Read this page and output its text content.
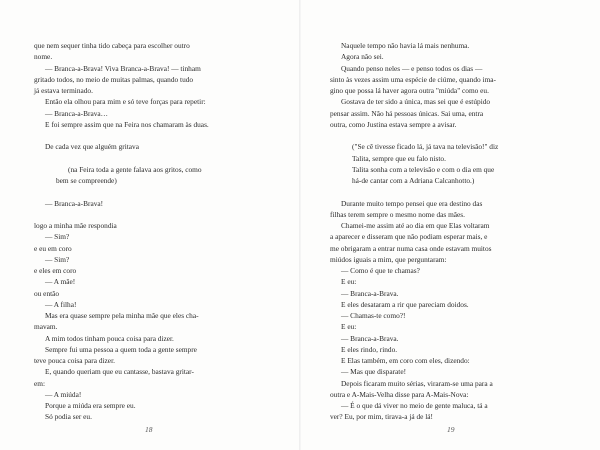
que nem sequer tinha tido cabeça para escolher outro

nome.

— Branca-a-Brava! Viva Branca-a-Brava! — tinham

gritado todos, no meio de muitas palmas, quando tudo

já estava terminado.

Então ela olhou para mim e só teve forças para repetir:

— Branca-a-Brava…

E foi sempre assim que na Feira nos chamaram às duas.

De cada vez que alguém gritava

(na Feira toda a gente falava aos gritos, como

bem se compreende)

— Branca-a-Brava!

logo a minha mãe respondia

— Sim?

e eu em coro

— Sim?

e eles em coro

— A mãe!

ou então

— A filha!

Mas era quase sempre pela minha mãe que eles cha-

mavam.

A mim todos tinham pouca coisa para dizer.

Sempre fui uma pessoa a quem toda a gente sempre

teve pouca coisa para dizer.

E, quando queriam que eu cantasse, bastava gritar-

em:

— A miúda!

Porque a miúda era sempre eu.

Só podia ser eu.

18

Naquele tempo não havia lá mais nenhuma.

Agora não sei.

Quando penso neles — e penso todos os dias —

sinto às vezes assim uma espécie de ciúme, quando ima-

gino que possa lá haver agora outra "miúda" como eu.

Gostava de ter sido a única, mas sei que é estúpido

pensar assim. Não há pessoas únicas. Sai uma, entra

outra, como Justina estava sempre a avisar.

("Se cê tivesse ficado lá, já tava na televisão!" diz

Talita, sempre que eu falo nisto.

Talita sonha com a televisão e com o dia em que

há-de cantar com a Adriana Calcanhotto.)

Durante muito tempo pensei que era destino das

filhas terem sempre o mesmo nome das mães.

Chamei-me assim até ao dia em que Elas voltaram

a aparecer e disseram que não podiam esperar mais, e

me obrigaram a entrar numa casa onde estavam muitos

miúdos iguais a mim, que perguntaram:

— Como é que te chamas?

E eu:

— Branca-a-Brava.

E eles desataram a rir que pareciam doidos.

— Chamas-te como?!

E eu:

— Branca-a-Brava.

E eles rindo, rindo.

E Elas também, em coro com eles, dizendo:

— Mas que disparate!

Depois ficaram muito sérias, viraram-se uma para a

outra e A-Mais-Velha disse para A-Mais-Nova:

— É o que dá viver no meio de gente maluca, tá a

ver? Eu, por mim, tirava-a já de lá!

19
